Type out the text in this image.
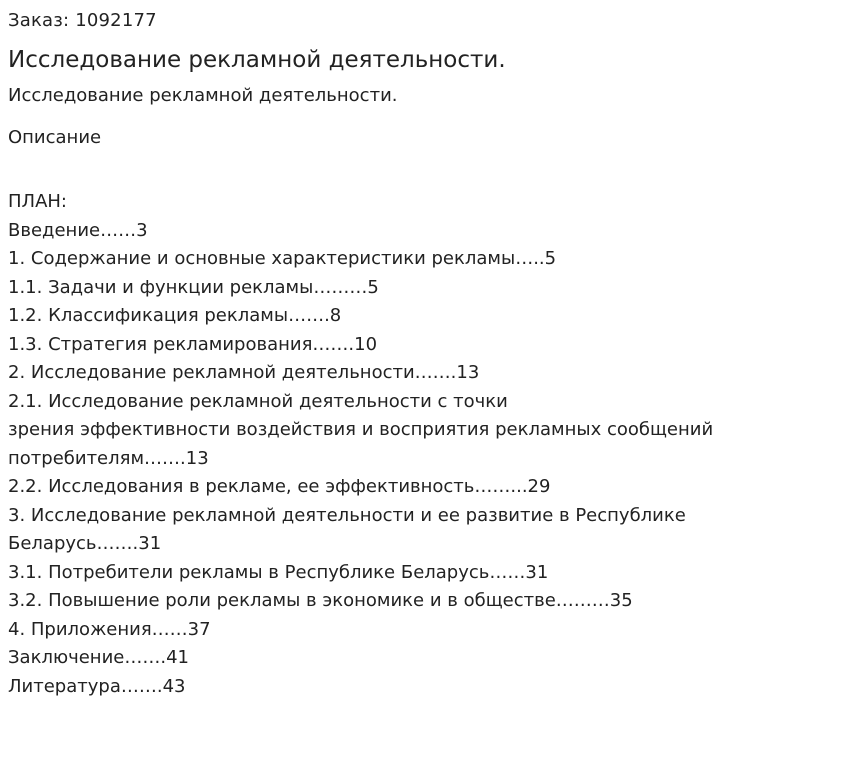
Заказ: 1092177

Исследование рекламной деятельности.

Исследование рекламной деятельности.

Описание
ПЛАН:
Введение……3
1. Содержание и основные характеристики рекламы…..5
1.1. Задачи и функции рекламы………5
1.2. Классификация рекламы…….8
1.3. Стратегия рекламирования…….10
2. Исследование рекламной деятельности…….13
2.1. Исследование рекламной деятельности с точки
зрения эффективности воздействия и восприятия рекламных сообщений
потребителям…….13
2.2. Исследования в рекламе, ее эффективность……...29
3. Исследование рекламной деятельности и ее развитие в Республике
Беларусь…….31
3.1. Потребители рекламы в Республике Беларусь……31
3.2. Повышение роли рекламы в экономике и в обществе………35
4. Приложения……37
Заключение…….41
Литература…….43
